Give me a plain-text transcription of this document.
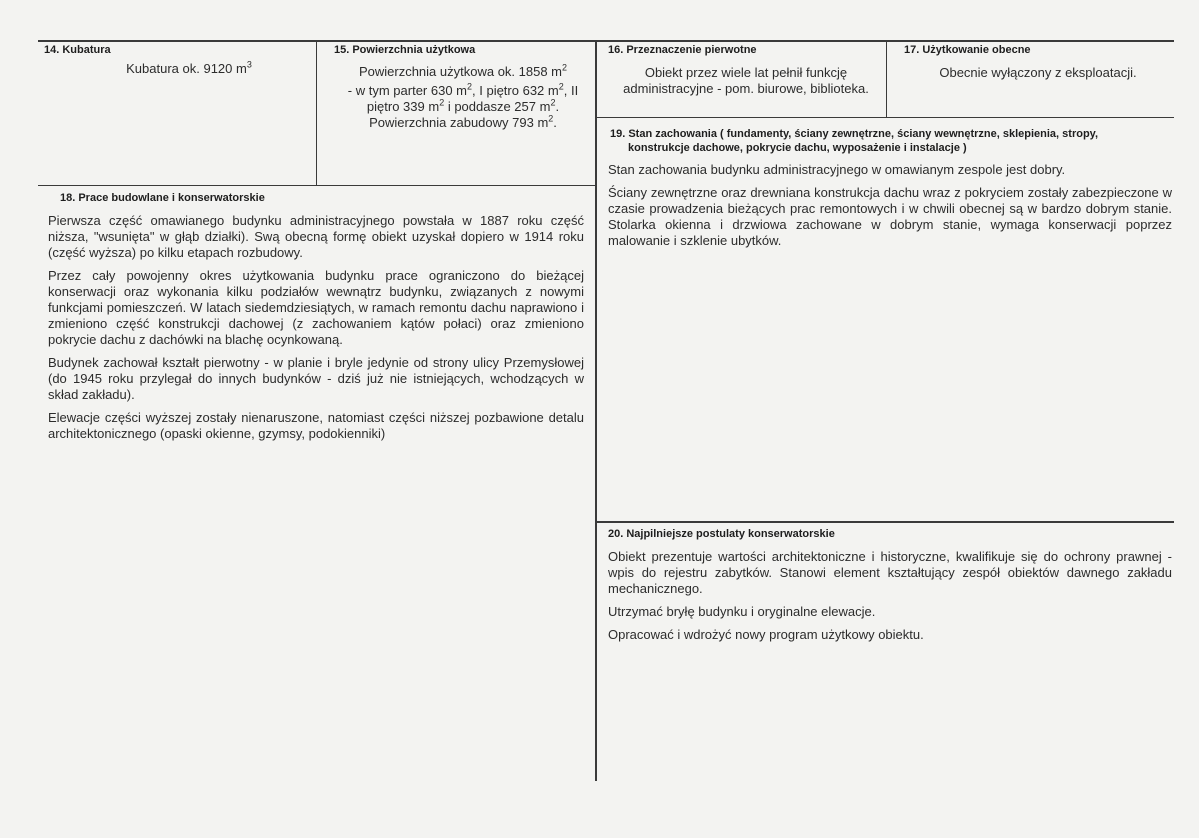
14. Kubatura
Kubatura ok. 9120 $m^3$
15. Powierzchnia użytkowa
Powierzchnia użytkowa ok. 1858 $m^2$
- w tym parter 630 $m^2$, I piętro 632 $m^2$, II
piętro 339 $m^2$ i poddasze 257 $m^2$.
Powierzchnia zabudowy 793 $m^2$.
16. Przeznaczenie pierwotne
Obiekt przez wiele lat pełnił funkcję
administracyjne - pom. biurowe, biblioteka.
17. Użytkowanie obecne
Obecnie wyłączony z eksploatacji.
19. Stan zachowania ( fundamenty, ściany zewnętrzne, ściany wewnętrzne, sklepienia, stropy,
konstrukcje dachowe, pokrycie dachu, wyposażenie i instalacje )

Stan zachowania budynku administracyjnego w omawianym zespole jest dobry.

Ściany zewnętrzne oraz drewniana konstrukcja dachu wraz z pokryciem zostały zabezpieczone w czasie prowadzenia bieżących prac remontowych i w chwili obecnej są w bardzo dobrym stanie. Stolarka okienna i drzwiowa zachowane w dobrym stanie, wymaga konserwacji poprzez malowanie i szklenie ubytków.

18. Prace budowlane i konserwatorskie

Pierwsza część omawianego budynku administracyjnego powstała w 1887 roku część niższa, "wsunięta" w głąb działki). Swą obecną formę obiekt uzyskał dopiero w 1914 roku (część wyższa) po kilku etapach rozbudowy.

Przez cały powojenny okres użytkowania budynku prace ograniczono do bieżącej konserwacji oraz wykonania kilku podziałów wewnątrz budynku, związanych z nowymi funkcjami pomieszczeń. W latach siedemdziesiątych, w ramach remontu dachu naprawiono i zmieniono część konstrukcji dachowej (z zachowaniem kątów połaci) oraz zmieniono pokrycie dachu z dachówki na blachę ocynkowaną.

Budynek zachował kształt pierwotny - w planie i bryle jedynie od strony ulicy Przemysłowej (do 1945 roku przylegał do innych budynków - dziś już nie istniejących, wchodzących w skład zakładu).

Elewacje części wyższej zostały nienaruszone, natomiast części niższej pozbawione detalu architektonicznego (opaski okienne, gzymsy, podokienniki)

20. Najpilniejsze postulaty konserwatorskie

Obiekt prezentuje wartości architektoniczne i historyczne, kwalifikuje się do ochrony prawnej - wpis do rejestru zabytków. Stanowi element kształtujący zespół obiektów dawnego zakładu mechanicznego.

Utrzymać bryłę budynku i oryginalne elewacje.

Opracować i wdrożyć nowy program użytkowy obiektu.
